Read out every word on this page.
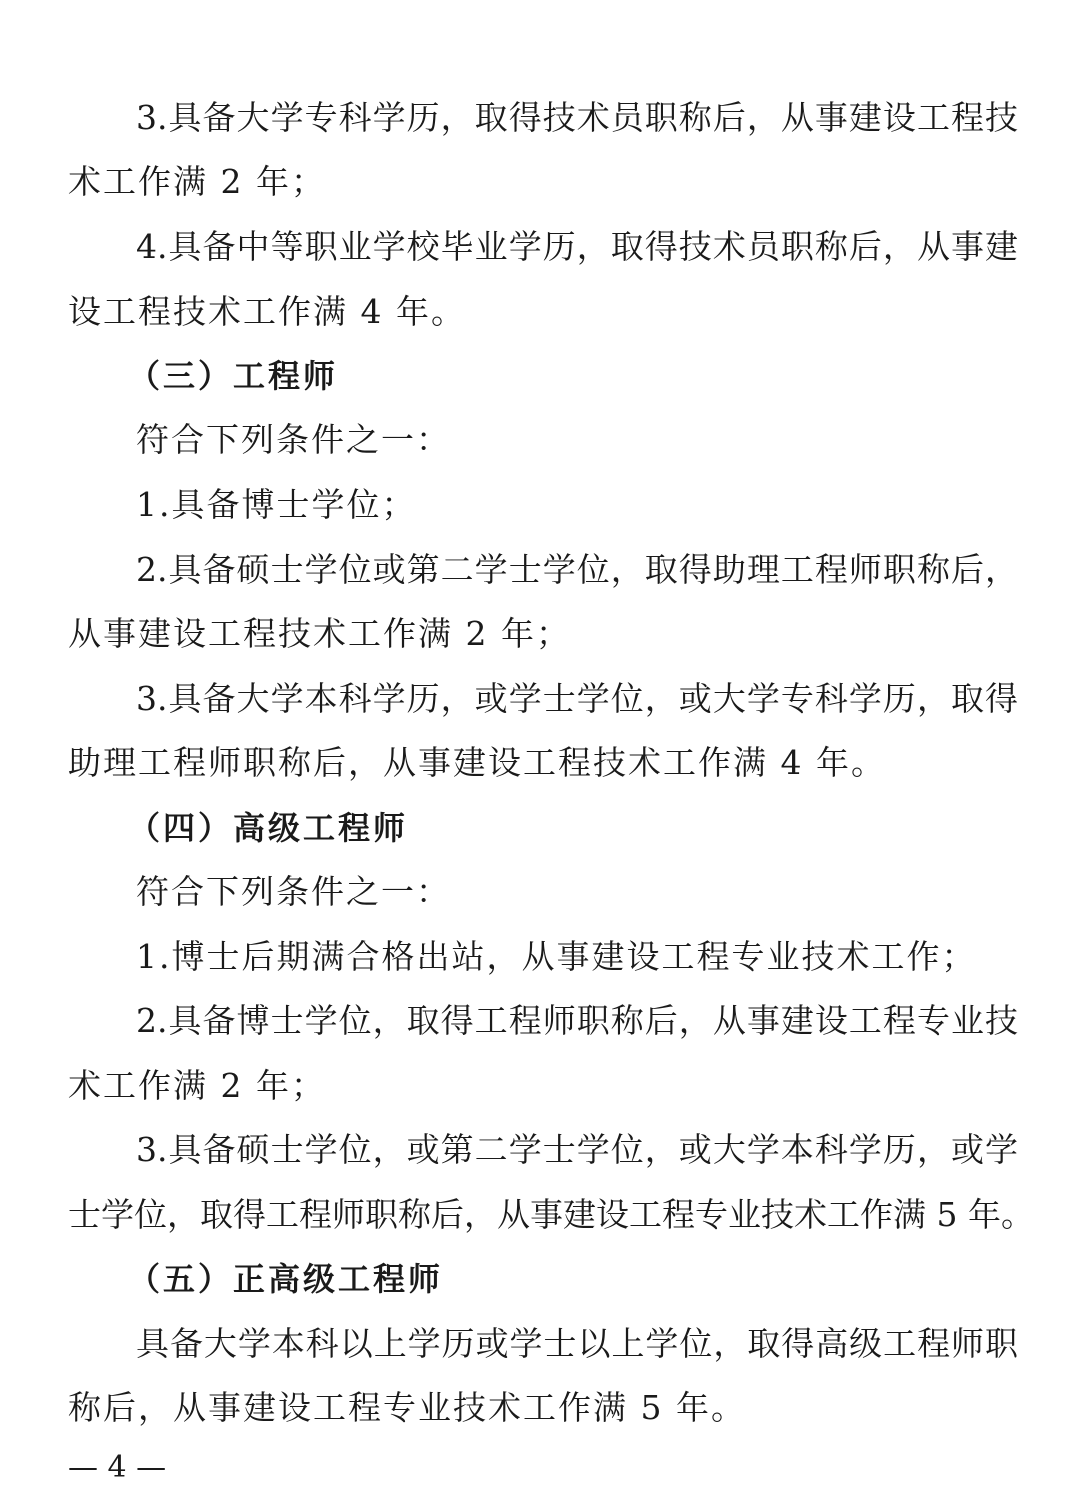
3.具备大学专科学历，取得技术员职称后，从事建设工程技
术工作满 2 年；
4.具备中等职业学校毕业学历，取得技术员职称后，从事建
设工程技术工作满 4 年。
（三）工程师
符合下列条件之一：
1.具备博士学位；
2.具备硕士学位或第二学士学位，取得助理工程师职称后，
从事建设工程技术工作满 2 年；
3.具备大学本科学历，或学士学位，或大学专科学历，取得
助理工程师职称后，从事建设工程技术工作满 4 年。
（四）高级工程师
符合下列条件之一：
1.博士后期满合格出站，从事建设工程专业技术工作；
2.具备博士学位，取得工程师职称后，从事建设工程专业技
术工作满 2 年；
3.具备硕士学位，或第二学士学位，或大学本科学历，或学
士学位，取得工程师职称后，从事建设工程专业技术工作满 5 年。
（五）正高级工程师
具备大学本科以上学历或学士以上学位，取得高级工程师职
称后，从事建设工程专业技术工作满 5 年。
— 4 —
